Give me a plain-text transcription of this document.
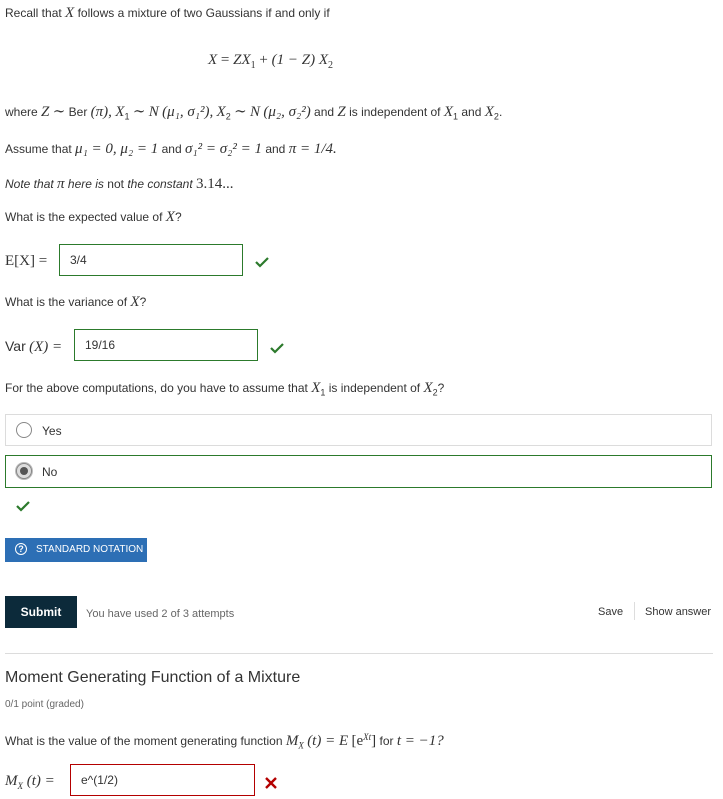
Recall that X follows a mixture of two Gaussians if and only if
$X = ZX_1 + (1 - Z)$ $X_2$
where Z ∼ Ber (π), $X_1$ ∼ N (μ₁, σ₁²), $X_2$ ∼ N (μ₂, σ₂²) and Z is independent of $X_1$ and $X_2$.
Assume that μ₁ = 0, μ₂ = 1 and σ₁² = σ₂² = 1 and π = 1/4.
Note that π here is not the constant 3.14...
What is the expected value of X?
E[X] =	3/4
What is the variance of X?
Var (X) =	19/16
For the above computations, do you have to assume that $X_1$ is independent of $X_2$?
Yes
No
?	STANDARD NOTATION
Submit	You have used 2 of 3 attempts	Save Show answer
Moment Generating Function of a Mixture
0/1 point (graded)
What is the value of the moment generating function $M_X$ (t) = E $[e^{Xt}]$ for t = −1?
$M_X$ (t) =	e^(1/2)
